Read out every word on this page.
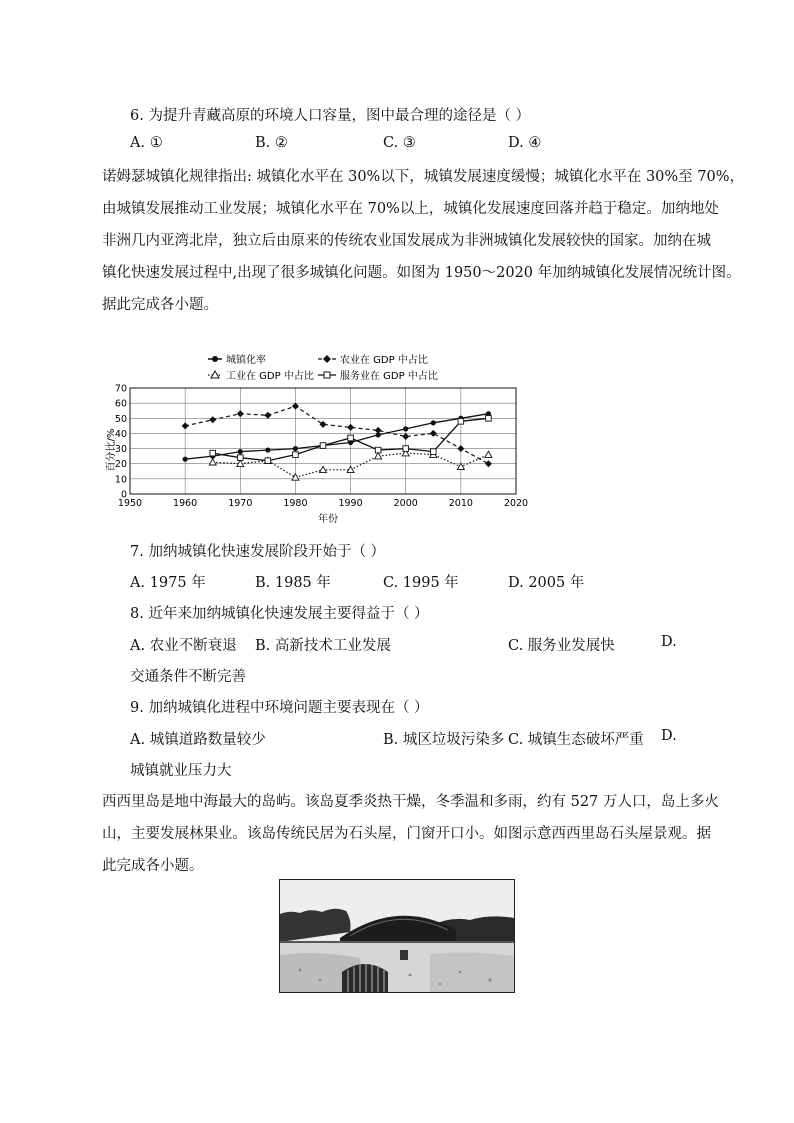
6. 为提升青藏高原的环境人口容量，图中最合理的途径是（ ）
A. ①	B. ②	C. ③	D. ④
诺姆瑟城镇化规律指出: 城镇化水平在 30%以下，城镇发展速度缓慢；城镇化水平在 30%至 70%，
由城镇发展推动工业发展；城镇化水平在 70%以上，城镇化发展速度回落并趋于稳定。加纳地处
非洲几内亚湾北岸，独立后由原来的传统农业国发展成为非洲城镇化发展较快的国家。加纳在城
镇化快速发展过程中,出现了很多城镇化问题。如图为 1950～2020 年加纳城镇化发展情况统计图。
据此完成各小题。
城镇化率	农业在 GDP 中占比
工业在 GDP 中占比	服务业在 GDP 中占比
0
10
20
30
40
50
60
70
1950	1960	1970	1980	1990	2000	2010	2020
百分比/%
年份
7. 加纳城镇化快速发展阶段开始于（ ）
A. 1975 年	B. 1985 年	C. 1995 年	D. 2005 年
8. 近年来加纳城镇化快速发展主要得益于（ ）
A. 农业不断衰退 B. 高新技术工业发展	C. 服务业发展快	D.
交通条件不断完善
9. 加纳城镇化进程中环境问题主要表现在（ ）
A. 城镇道路数量较少	B. 城区垃圾污染多 C. 城镇生态破坏严重 D.
城镇就业压力大
西西里岛是地中海最大的岛屿。该岛夏季炎热干燥，冬季温和多雨，约有 527 万人口，岛上多火
山，主要发展林果业。该岛传统民居为石头屋，门窗开口小。如图示意西西里岛石头屋景观。据
此完成各小题。
